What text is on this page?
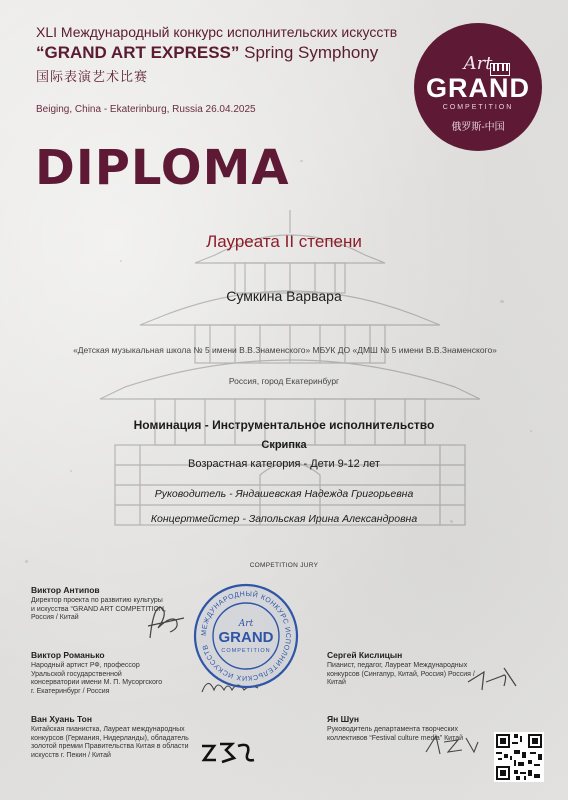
XLI Международный конкурс исполнительских искусств
“GRAND ART EXPRESS” Spring Symphony
国际表演艺术比赛
Beiging, China - Ekaterinburg, Russia 26.04.2025
Art
GRAND
COMPETITION
俄罗斯-中国
DIPLOMA
Лауреата II степени
Сумкина Варвара
«Детская музыкальная школа № 5 имени В.В.Знаменского» МБУК ДО «ДМШ № 5 имени В.В.Знаменского»
Россия, город Екатеринбург
Номинация - Инструментальное исполнительство
Скрипка
Возрастная категория - Дети 9-12 лет
Руководитель - Яндашевская Надежда Григорьевна
Концертмейстер - Запольская Ирина Александровна
COMPETITION JURY
Виктор Антипов
Директор проекта по развитию культуры и искусства “GRAND ART COMPETITION, Россия / Китай
Виктор Романько
Народный артист РФ, профессор Уральской государственной консерватории имени М. П. Мусоргского г. Екатеринбург / Россия
Сергей Кислицын
Пианист, педагог, Лауреат Международных конкурсов (Сингапур, Китай, Россия) Россия / Китай
Ван Хуань Тон
Китайская пианистка, Лауреат международных конкурсов (Германия, Нидерланды), обладатель золотой премии Правительства Китая в области искусств г. Пекин / Китай
Ян Шун
Руководитель департамента творческих коллективов “Festival culture media” Китай
МЕЖДУНАРОДНЫЙ КОНКУРС ИСПОЛНИТЕЛЬСКИХ ИСКУССТВ
Art
GRAND
COMPETITION
